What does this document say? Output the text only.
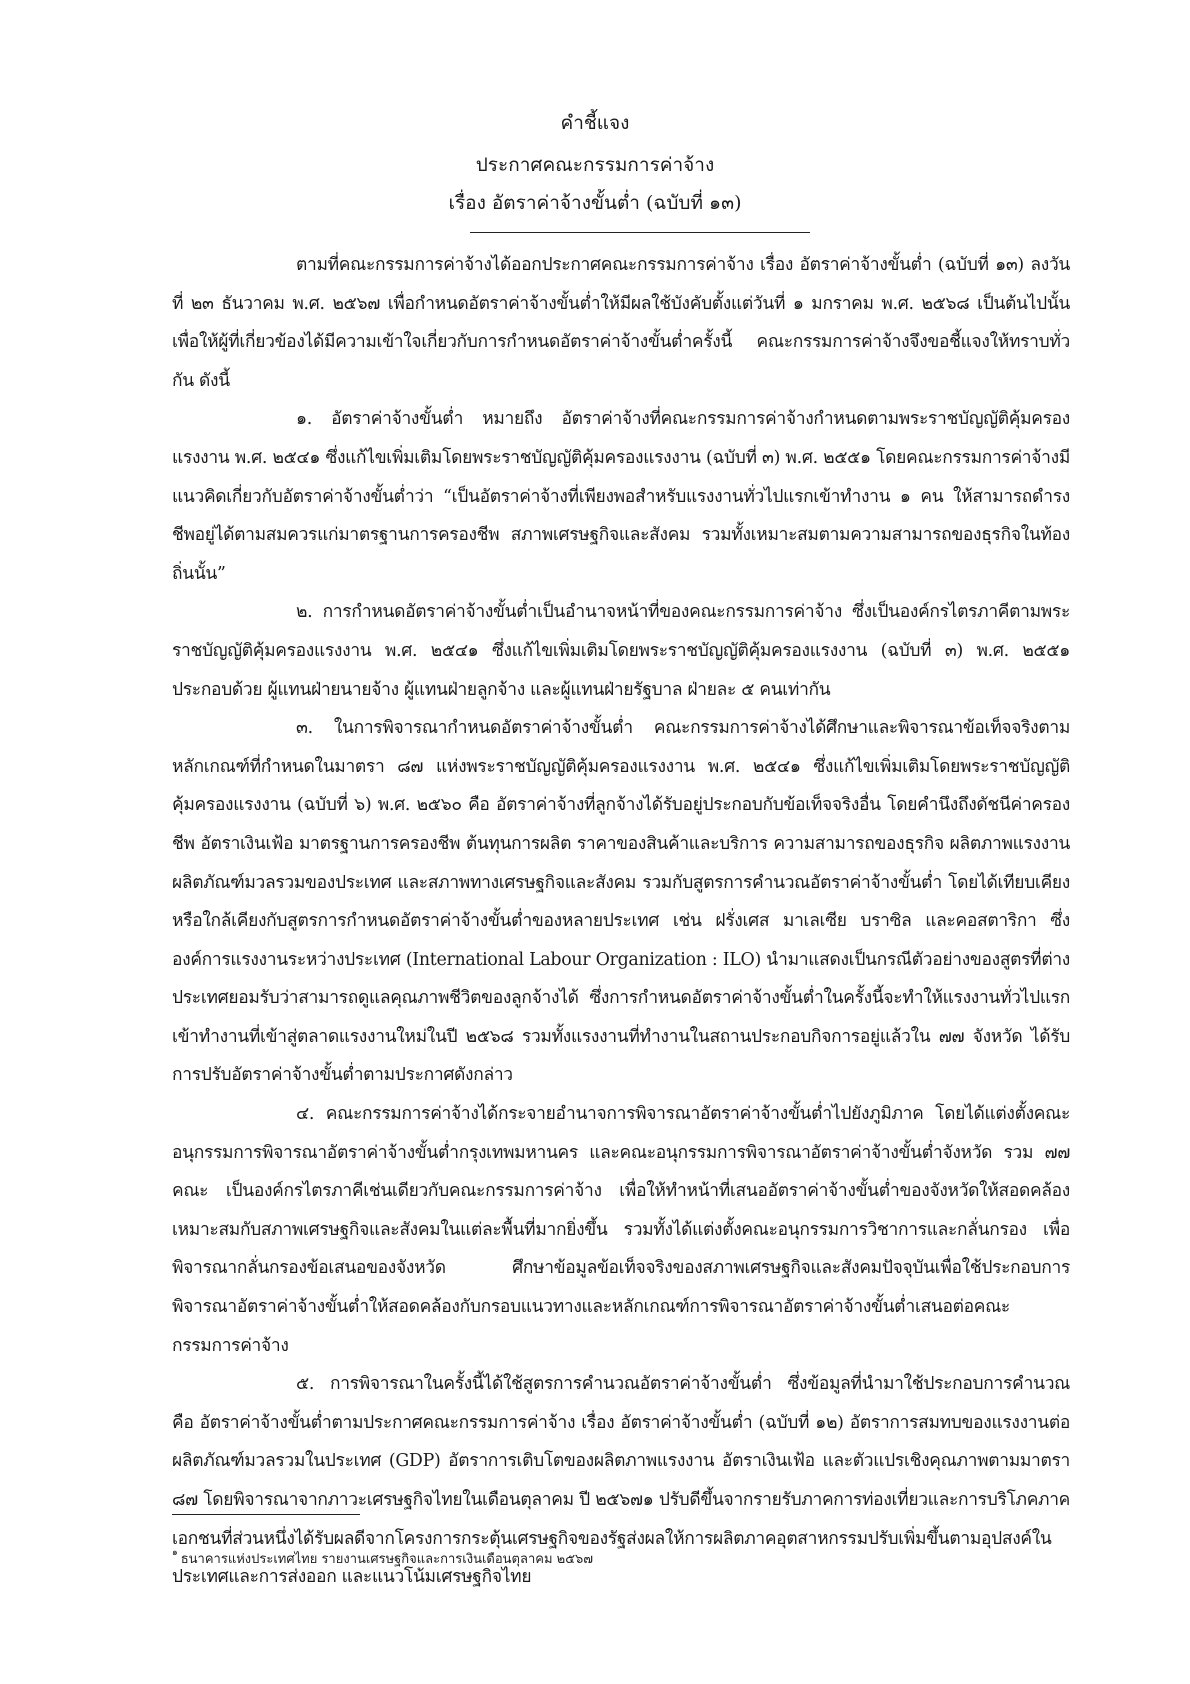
คำชี้แจง
ประกาศคณะกรรมการค่าจ้าง
เรื่อง อัตราค่าจ้างขั้นต่ำ (ฉบับที่ ๑๓)

ตามที่คณะกรรมการค่าจ้างได้ออกประกาศคณะกรรมการค่าจ้าง เรื่อง อัตราค่าจ้างขั้นต่ำ (ฉบับที่ ๑๓) ลงวันที่ ๒๓ ธันวาคม พ.ศ. ๒๕๖๗ เพื่อกำหนดอัตราค่าจ้างขั้นต่ำให้มีผลใช้บังคับตั้งแต่วันที่ ๑ มกราคม พ.ศ. ๒๕๖๘ เป็นต้นไปนั้น เพื่อให้ผู้ที่เกี่ยวข้องได้มีความเข้าใจเกี่ยวกับการกำหนดอัตราค่าจ้างขั้นต่ำครั้งนี้ คณะกรรมการค่าจ้างจึงขอชี้แจงให้ทราบทั่วกัน ดังนี้

๑. อัตราค่าจ้างขั้นต่ำ หมายถึง อัตราค่าจ้างที่คณะกรรมการค่าจ้างกำหนดตามพระราชบัญญัติคุ้มครองแรงงาน พ.ศ. ๒๕๔๑ ซึ่งแก้ไขเพิ่มเติมโดยพระราชบัญญัติคุ้มครองแรงงาน (ฉบับที่ ๓) พ.ศ. ๒๕๕๑ โดยคณะกรรมการค่าจ้างมีแนวคิดเกี่ยวกับอัตราค่าจ้างขั้นต่ำว่า “เป็นอัตราค่าจ้างที่เพียงพอสำหรับแรงงานทั่วไปแรกเข้าทำงาน ๑ คน ให้สามารถดำรงชีพอยู่ได้ตามสมควรแก่มาตรฐานการครองชีพ สภาพเศรษฐกิจและสังคม รวมทั้งเหมาะสมตามความสามารถของธุรกิจในท้องถิ่นนั้น”

๒. การกำหนดอัตราค่าจ้างขั้นต่ำเป็นอำนาจหน้าที่ของคณะกรรมการค่าจ้าง ซึ่งเป็นองค์กรไตรภาคีตามพระราชบัญญัติคุ้มครองแรงงาน พ.ศ. ๒๕๔๑ ซึ่งแก้ไขเพิ่มเติมโดยพระราชบัญญัติคุ้มครองแรงงาน (ฉบับที่ ๓) พ.ศ. ๒๕๕๑ ประกอบด้วย ผู้แทนฝ่ายนายจ้าง ผู้แทนฝ่ายลูกจ้าง และผู้แทนฝ่ายรัฐบาล ฝ่ายละ ๕ คนเท่ากัน

๓. ในการพิจารณากำหนดอัตราค่าจ้างขั้นต่ำ คณะกรรมการค่าจ้างได้ศึกษาและพิจารณาข้อเท็จจริงตามหลักเกณฑ์ที่กำหนดในมาตรา ๘๗ แห่งพระราชบัญญัติคุ้มครองแรงงาน พ.ศ. ๒๕๔๑ ซึ่งแก้ไขเพิ่มเติมโดยพระราชบัญญัติคุ้มครองแรงงาน (ฉบับที่ ๖) พ.ศ. ๒๕๖๐ คือ อัตราค่าจ้างที่ลูกจ้างได้รับอยู่ประกอบกับข้อเท็จจริงอื่น โดยคำนึงถึงดัชนีค่าครองชีพ อัตราเงินเฟ้อ มาตรฐานการครองชีพ ต้นทุนการผลิต ราคาของสินค้าและบริการ ความสามารถของธุรกิจ ผลิตภาพแรงงาน ผลิตภัณฑ์มวลรวมของประเทศ และสภาพทางเศรษฐกิจและสังคม รวมกับสูตรการคำนวณอัตราค่าจ้างขั้นต่ำ โดยได้เทียบเคียงหรือใกล้เคียงกับสูตรการกำหนดอัตราค่าจ้างขั้นต่ำของหลายประเทศ เช่น ฝรั่งเศส มาเลเซีย บราซิล และคอสตาริกา ซึ่งองค์การแรงงานระหว่างประเทศ (International Labour Organization : ILO) นำมาแสดงเป็นกรณีตัวอย่างของสูตรที่ต่างประเทศยอมรับว่าสามารถดูแลคุณภาพชีวิตของลูกจ้างได้ ซึ่งการกำหนดอัตราค่าจ้างขั้นต่ำในครั้งนี้จะทำให้แรงงานทั่วไปแรกเข้าทำงานที่เข้าสู่ตลาดแรงงานใหม่ในปี ๒๕๖๘ รวมทั้งแรงงานที่ทำงานในสถานประกอบกิจการอยู่แล้วใน ๗๗ จังหวัด ได้รับการปรับอัตราค่าจ้างขั้นต่ำตามประกาศดังกล่าว

๔. คณะกรรมการค่าจ้างได้กระจายอำนาจการพิจารณาอัตราค่าจ้างขั้นต่ำไปยังภูมิภาค โดยได้แต่งตั้งคณะอนุกรรมการพิจารณาอัตราค่าจ้างขั้นต่ำกรุงเทพมหานคร และคณะอนุกรรมการพิจารณาอัตราค่าจ้างขั้นต่ำจังหวัด รวม ๗๗ คณะ เป็นองค์กรไตรภาคีเช่นเดียวกับคณะกรรมการค่าจ้าง เพื่อให้ทำหน้าที่เสนออัตราค่าจ้างขั้นต่ำของจังหวัดให้สอดคล้องเหมาะสมกับสภาพเศรษฐกิจและสังคมในแต่ละพื้นที่มากยิ่งขึ้น รวมทั้งได้แต่งตั้งคณะอนุกรรมการวิชาการและกลั่นกรอง เพื่อพิจารณากลั่นกรองข้อเสนอของจังหวัด ศึกษาข้อมูลข้อเท็จจริงของสภาพเศรษฐกิจและสังคมปัจจุบันเพื่อใช้ประกอบการพิจารณาอัตราค่าจ้างขั้นต่ำให้สอดคล้องกับกรอบแนวทางและหลักเกณฑ์การพิจารณาอัตราค่าจ้างขั้นต่ำเสนอต่อคณะกรรมการค่าจ้าง

๕. การพิจารณาในครั้งนี้ได้ใช้สูตรการคำนวณอัตราค่าจ้างขั้นต่ำ ซึ่งข้อมูลที่นำมาใช้ประกอบการคำนวณ คือ อัตราค่าจ้างขั้นต่ำตามประกาศคณะกรรมการค่าจ้าง เรื่อง อัตราค่าจ้างขั้นต่ำ (ฉบับที่ ๑๒) อัตราการสมทบของแรงงานต่อผลิตภัณฑ์มวลรวมในประเทศ (GDP) อัตราการเติบโตของผลิตภาพแรงงาน อัตราเงินเฟ้อ และตัวแปรเชิงคุณภาพตามมาตรา ๘๗ โดยพิจารณาจากภาวะเศรษฐกิจไทยในเดือนตุลาคม ปี ๒๕๖๗๑ ปรับดีขึ้นจากรายรับภาคการท่องเที่ยวและการบริโภคภาคเอกชนที่ส่วนหนึ่งได้รับผลดีจากโครงการกระตุ้นเศรษฐกิจของรัฐส่งผลให้การผลิตภาคอุตสาหกรรมปรับเพิ่มขึ้นตามอุปสงค์ในประเทศและการส่งออก และแนวโน้มเศรษฐกิจไทย

$^๑$ ธนาคารแห่งประเทศไทย รายงานเศรษฐกิจและการเงินเดือนตุลาคม ๒๕๖๗
